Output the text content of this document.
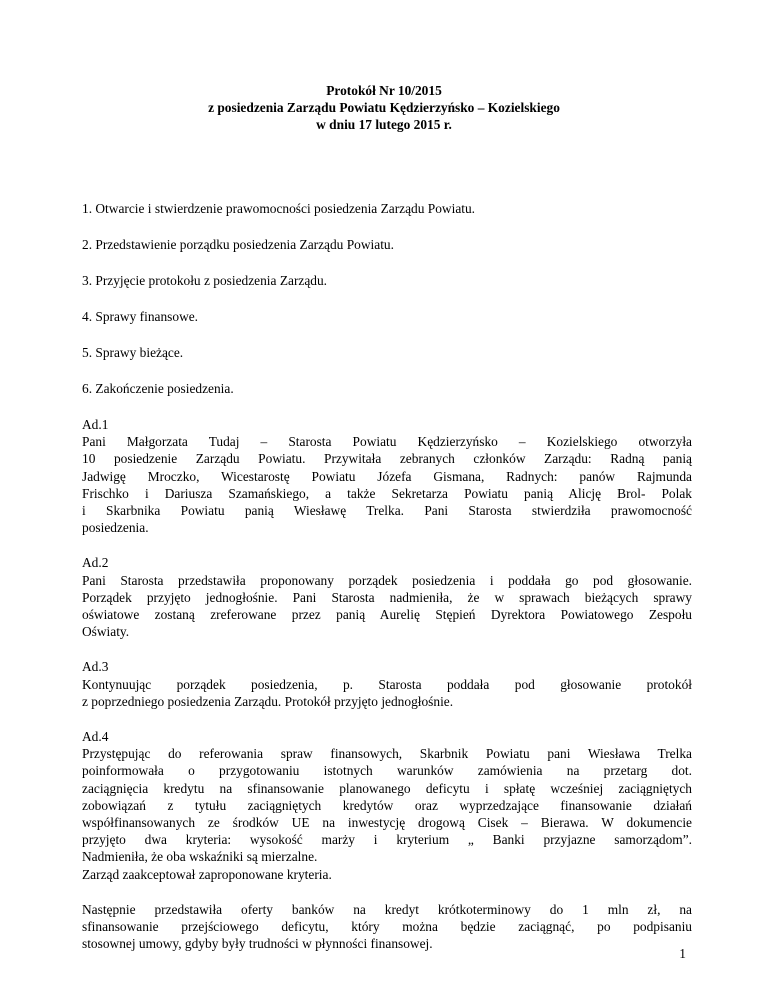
Protokół Nr 10/2015
z posiedzenia Zarządu Powiatu Kędzierzyńsko – Kozielskiego
w dniu 17 lutego 2015 r.
1. Otwarcie i stwierdzenie prawomocności posiedzenia Zarządu Powiatu.
2. Przedstawienie porządku posiedzenia Zarządu Powiatu.
3. Przyjęcie protokołu z posiedzenia Zarządu.
4. Sprawy finansowe.
5. Sprawy bieżące.
6. Zakończenie posiedzenia.
Ad.1
Pani Małgorzata Tudaj – Starosta Powiatu Kędzierzyńsko – Kozielskiego otworzyła
10 posiedzenie Zarządu Powiatu. Przywitała zebranych członków Zarządu: Radną panią
Jadwigę Mroczko, Wicestarostę Powiatu Józefa Gismana, Radnych: panów Rajmunda
Frischko i Dariusza Szamańskiego, a także Sekretarza Powiatu panią Alicję Brol- Polak
i Skarbnika Powiatu panią Wiesławę Trelka. Pani Starosta stwierdziła prawomocność
posiedzenia.
Ad.2
Pani Starosta przedstawiła proponowany porządek posiedzenia i poddała go pod głosowanie.
Porządek przyjęto jednogłośnie. Pani Starosta nadmieniła, że w sprawach bieżących sprawy
oświatowe zostaną zreferowane przez panią Aurelię Stępień Dyrektora Powiatowego Zespołu
Oświaty.
Ad.3
Kontynuując porządek posiedzenia, p. Starosta poddała pod głosowanie protokół
z poprzedniego posiedzenia Zarządu. Protokół przyjęto jednogłośnie.
Ad.4
Przystępując do referowania spraw finansowych, Skarbnik Powiatu pani Wiesława Trelka
poinformowała o przygotowaniu istotnych warunków zamówienia na przetarg dot.
zaciągnięcia kredytu na sfinansowanie planowanego deficytu i spłatę wcześniej zaciągniętych
zobowiązań z tytułu zaciągniętych kredytów oraz wyprzedzające finansowanie działań
współfinansowanych ze środków UE na inwestycję drogową Cisek – Bierawa. W dokumencie
przyjęto dwa kryteria: wysokość marży i kryterium „ Banki przyjazne samorządom”.
Nadmieniła, że oba wskaźniki są mierzalne.
Zarząd zaakceptował zaproponowane kryteria.
Następnie przedstawiła oferty banków na kredyt krótkoterminowy do 1 mln zł, na
sfinansowanie przejściowego deficytu, który można będzie zaciągnąć, po podpisaniu
stosownej umowy, gdyby były trudności w płynności finansowej.
1
